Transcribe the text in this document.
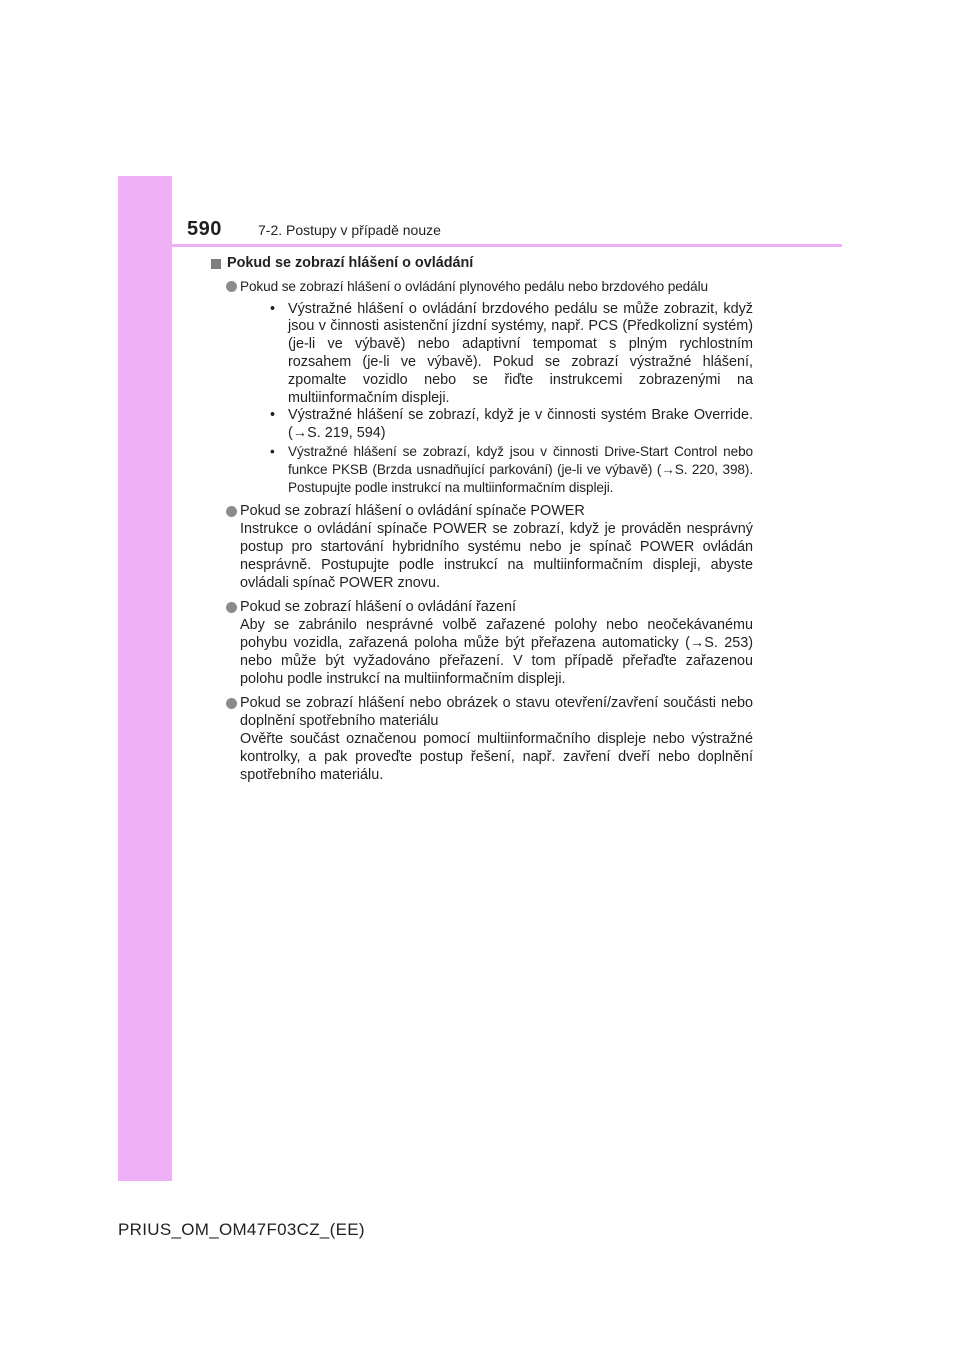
590	7-2. Postupy v případě nouze
Pokud se zobrazí hlášení o ovládání
Pokud se zobrazí hlášení o ovládání plynového pedálu nebo brzdového pedálu
• Výstražné hlášení o ovládání brzdového pedálu se může zobrazit, když jsou v činnosti asistenční jízdní systémy, např. PCS (Předkolizní systém) (je-li ve výbavě) nebo adaptivní tempomat s plným rychlostním rozsahem (je-li ve výbavě). Pokud se zobrazí výstražné hlášení, zpomalte vozidlo nebo se řiďte instrukcemi zobrazenými na multiinformačním displeji.
• Výstražné hlášení se zobrazí, když je v činnosti systém Brake Override. (→S. 219, 594)
• Výstražné hlášení se zobrazí, když jsou v činnosti Drive-Start Control nebo funkce PKSB (Brzda usnadňující parkování) (je-li ve výbavě) (→S. 220, 398). Postupujte podle instrukcí na multiinformačním displeji.
Pokud se zobrazí hlášení o ovládání spínače POWER
Instrukce o ovládání spínače POWER se zobrazí, když je prováděn nesprávný postup pro startování hybridního systému nebo je spínač POWER ovládán nesprávně. Postupujte podle instrukcí na multiinformačním displeji, abyste ovládali spínač POWER znovu.
Pokud se zobrazí hlášení o ovládání řazení
Aby se zabránilo nesprávné volbě zařazené polohy nebo neočekávanému pohybu vozidla, zařazená poloha může být přeřazena automaticky (→S. 253) nebo může být vyžadováno přeřazení. V tom případě přeřaďte zařazenou polohu podle instrukcí na multiinformačním displeji.
Pokud se zobrazí hlášení nebo obrázek o stavu otevření/zavření součásti nebo doplnění spotřebního materiálu
Ověřte součást označenou pomocí multiinformačního displeje nebo výstražné kontrolky, a pak proveďte postup řešení, např. zavření dveří nebo doplnění spotřebního materiálu.
PRIUS_OM_OM47F03CZ_(EE)
